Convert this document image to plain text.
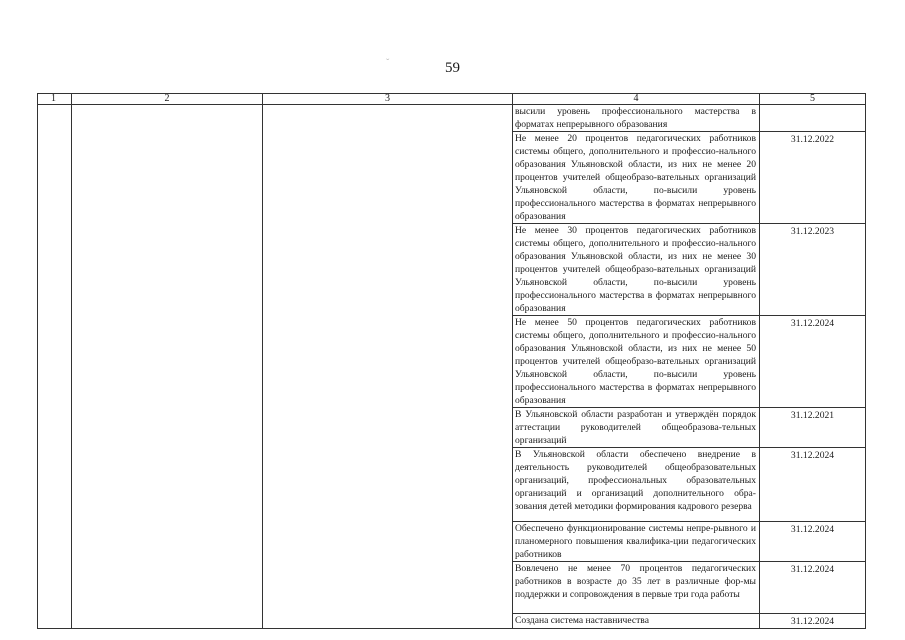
59
ˇ
1	2	3	4	5
			высили уровень профессионального мастерства в форматах непрерывного образования	
			Не менее 20 процентов педагогических работников системы общего, дополнительного и профессио-нального образования Ульяновской области, из них не менее 20 процентов учителей общеобразо-вательных организаций Ульяновской области, по-высили уровень профессионального мастерства в форматах непрерывного образования	31.12.2022
			Не менее 30 процентов педагогических работников системы общего, дополнительного и профессио-нального образования Ульяновской области, из них не менее 30 процентов учителей общеобразо-вательных организаций Ульяновской области, по-высили уровень профессионального мастерства в форматах непрерывного образования	31.12.2023
			Не менее 50 процентов педагогических работников системы общего, дополнительного и профессио-нального образования Ульяновской области, из них не менее 50 процентов учителей общеобразо-вательных организаций Ульяновской области, по-высили уровень профессионального мастерства в форматах непрерывного образования	31.12.2024
			В Ульяновской области разработан и утверждён порядок аттестации руководителей общеобразова-тельных организаций	31.12.2021
			В Ульяновской области обеспечено внедрение в деятельность руководителей общеобразовательных организаций, профессиональных образовательных организаций и организаций дополнительного обра-зования детей методики формирования кадрового резерва	31.12.2024
			Обеспечено функционирование системы непре-рывного и планомерного повышения квалифика-ции педагогических работников	31.12.2024
			Вовлечено не менее 70 процентов педагогических работников в возрасте до 35 лет в различные фор-мы поддержки и сопровождения в первые три года работы	31.12.2024
			Создана система наставничества	31.12.2024
